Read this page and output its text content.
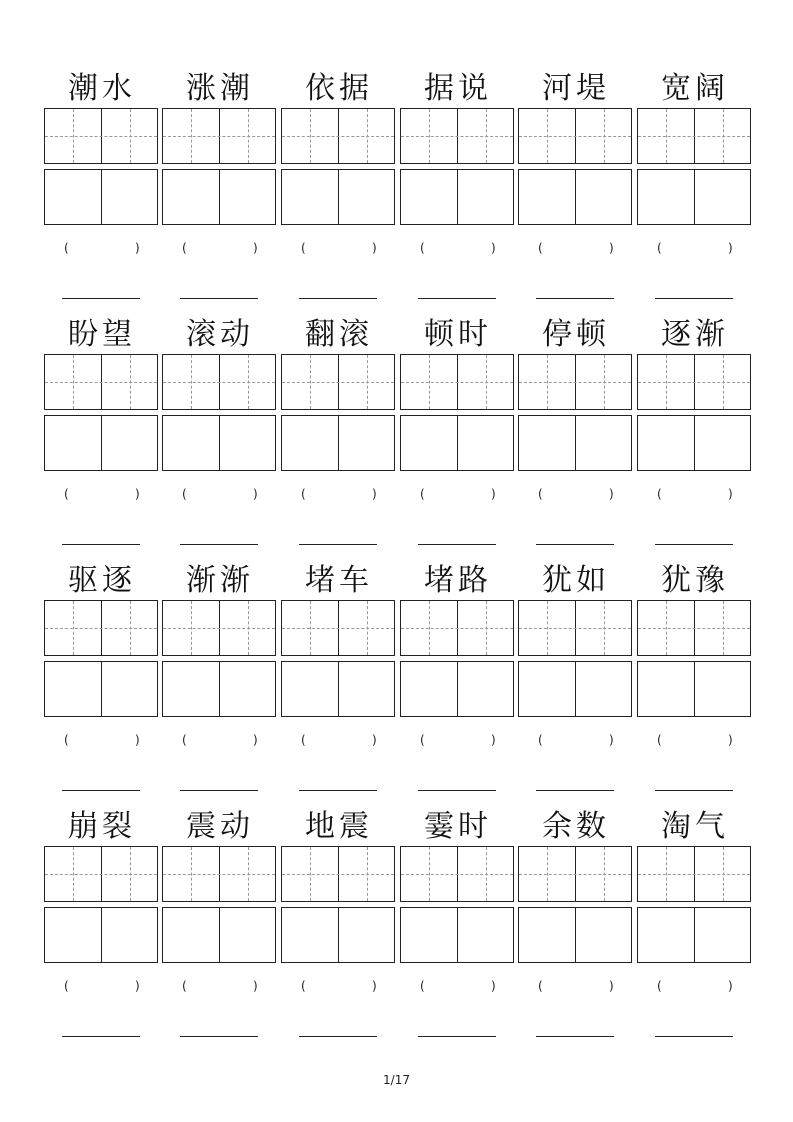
潮水
(	)
涨潮
(	)
依据
(	)
据说
(	)
河堤
(	)
宽阔
(	)
盼望
(	)
滚动
(	)
翻滚
(	)
顿时
(	)
停顿
(	)
逐渐
(	)
驱逐
(	)
渐渐
(	)
堵车
(	)
堵路
(	)
犹如
(	)
犹豫
(	)
崩裂
(	)
震动
(	)
地震
(	)
霎时
(	)
余数
(	)
淘气
(	)
1/17
